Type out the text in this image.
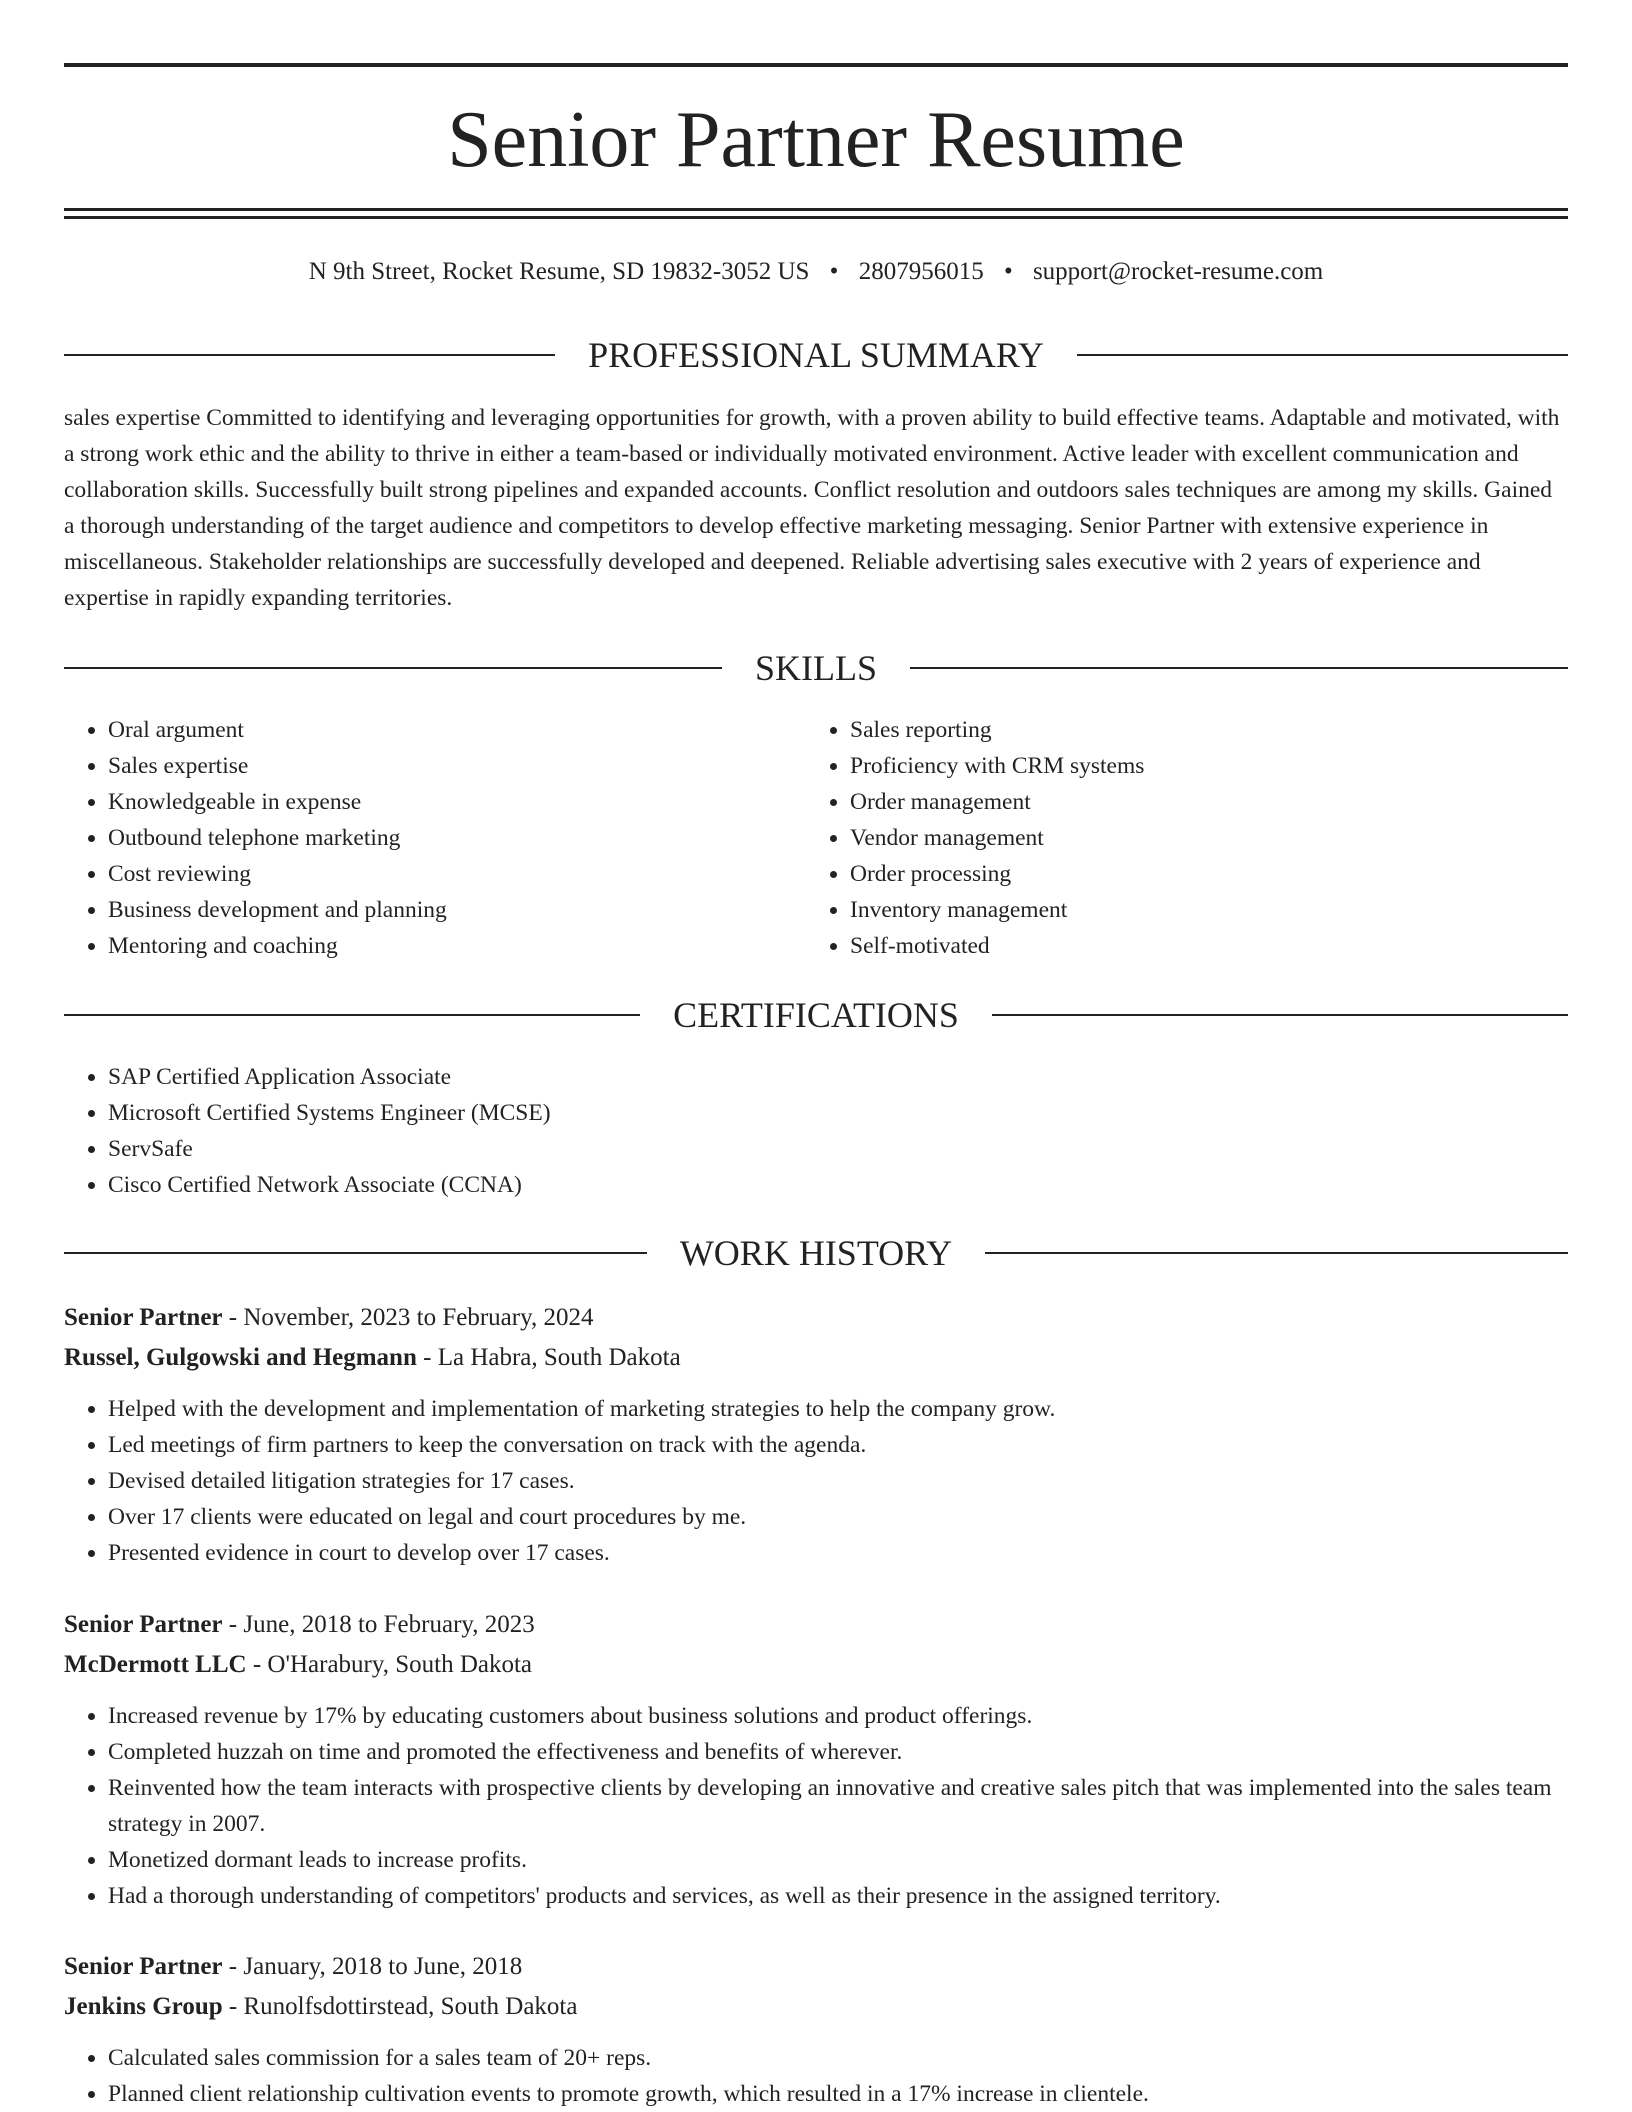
Senior Partner Resume
N 9th Street, Rocket Resume, SD 19832-3052 US • 2807956015 • support@rocket-resume.com
PROFESSIONAL SUMMARY

sales expertise Committed to identifying and leveraging opportunities for growth, with a proven ability to build effective teams. Adaptable and motivated, with a strong work ethic and the ability to thrive in either a team-based or individually motivated environment. Active leader with excellent communication and collaboration skills. Successfully built strong pipelines and expanded accounts. Conflict resolution and outdoors sales techniques are among my skills. Gained a thorough understanding of the target audience and competitors to develop effective marketing messaging. Senior Partner with extensive experience in miscellaneous. Stakeholder relationships are successfully developed and deepened. Reliable advertising sales executive with 2 years of experience and expertise in rapidly expanding territories.

SKILLS
• Oral argument
• Sales expertise
• Knowledgeable in expense
• Outbound telephone marketing
• Cost reviewing
• Business development and planning
• Mentoring and coaching
• Sales reporting
• Proficiency with CRM systems
• Order management
• Vendor management
• Order processing
• Inventory management
• Self-motivated
CERTIFICATIONS
• SAP Certified Application Associate
• Microsoft Certified Systems Engineer (MCSE)
• ServSafe
• Cisco Certified Network Associate (CCNA)
WORK HISTORY

Senior Partner - November, 2023 to February, 2024

Russel, Gulgowski and Hegmann - La Habra, South Dakota

• Helped with the development and implementation of marketing strategies to help the company grow.
• Led meetings of firm partners to keep the conversation on track with the agenda.
• Devised detailed litigation strategies for 17 cases.
• Over 17 clients were educated on legal and court procedures by me.
• Presented evidence in court to develop over 17 cases.

Senior Partner - June, 2018 to February, 2023

McDermott LLC - O'Harabury, South Dakota

• Increased revenue by 17% by educating customers about business solutions and product offerings.
• Completed huzzah on time and promoted the effectiveness and benefits of wherever.
• Reinvented how the team interacts with prospective clients by developing an innovative and creative sales pitch that was implemented into the sales team strategy in 2007.
• Monetized dormant leads to increase profits.
• Had a thorough understanding of competitors' products and services, as well as their presence in the assigned territory.

Senior Partner - January, 2018 to June, 2018

Jenkins Group - Runolfsdottirstead, South Dakota

• Calculated sales commission for a sales team of 20+ reps.
• Planned client relationship cultivation events to promote growth, which resulted in a 17% increase in clientele.
